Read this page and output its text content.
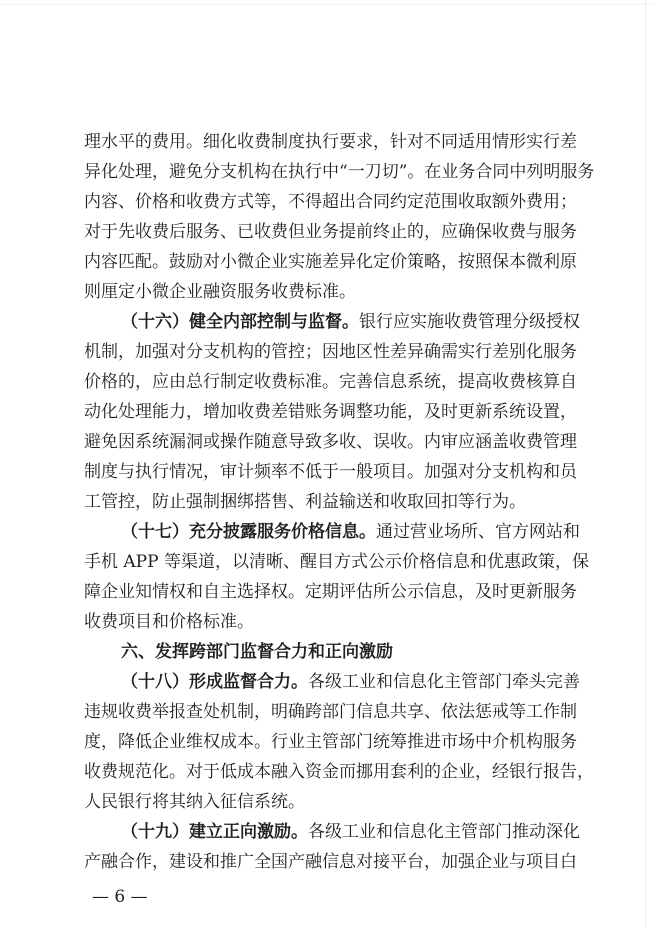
理水平的费用。细化收费制度执行要求，针对不同适用情形实行差
异化处理，避免分支机构在执行中“一刀切”。在业务合同中列明服务
内容、价格和收费方式等，不得超出合同约定范围收取额外费用；
对于先收费后服务、已收费但业务提前终止的，应确保收费与服务
内容匹配。鼓励对小微企业实施差异化定价策略，按照保本微利原
则厘定小微企业融资服务收费标准。
（十六）健全内部控制与监督。银行应实施收费管理分级授权
机制，加强对分支机构的管控；因地区性差异确需实行差别化服务
价格的，应由总行制定收费标准。完善信息系统，提高收费核算自
动化处理能力，增加收费差错账务调整功能，及时更新系统设置，
避免因系统漏洞或操作随意导致多收、误收。内审应涵盖收费管理
制度与执行情况，审计频率不低于一般项目。加强对分支机构和员
工管控，防止强制捆绑搭售、利益输送和收取回扣等行为。
（十七）充分披露服务价格信息。通过营业场所、官方网站和
手机 APP 等渠道，以清晰、醒目方式公示价格信息和优惠政策，保
障企业知情权和自主选择权。定期评估所公示信息，及时更新服务
收费项目和价格标准。
六、发挥跨部门监督合力和正向激励
（十八）形成监督合力。各级工业和信息化主管部门牵头完善
违规收费举报查处机制，明确跨部门信息共享、依法惩戒等工作制
度，降低企业维权成本。行业主管部门统筹推进市场中介机构服务
收费规范化。对于低成本融入资金而挪用套利的企业，经银行报告，
人民银行将其纳入征信系统。
（十九）建立正向激励。各级工业和信息化主管部门推动深化
产融合作，建设和推广全国产融信息对接平台，加强企业与项目白
— 6 —
